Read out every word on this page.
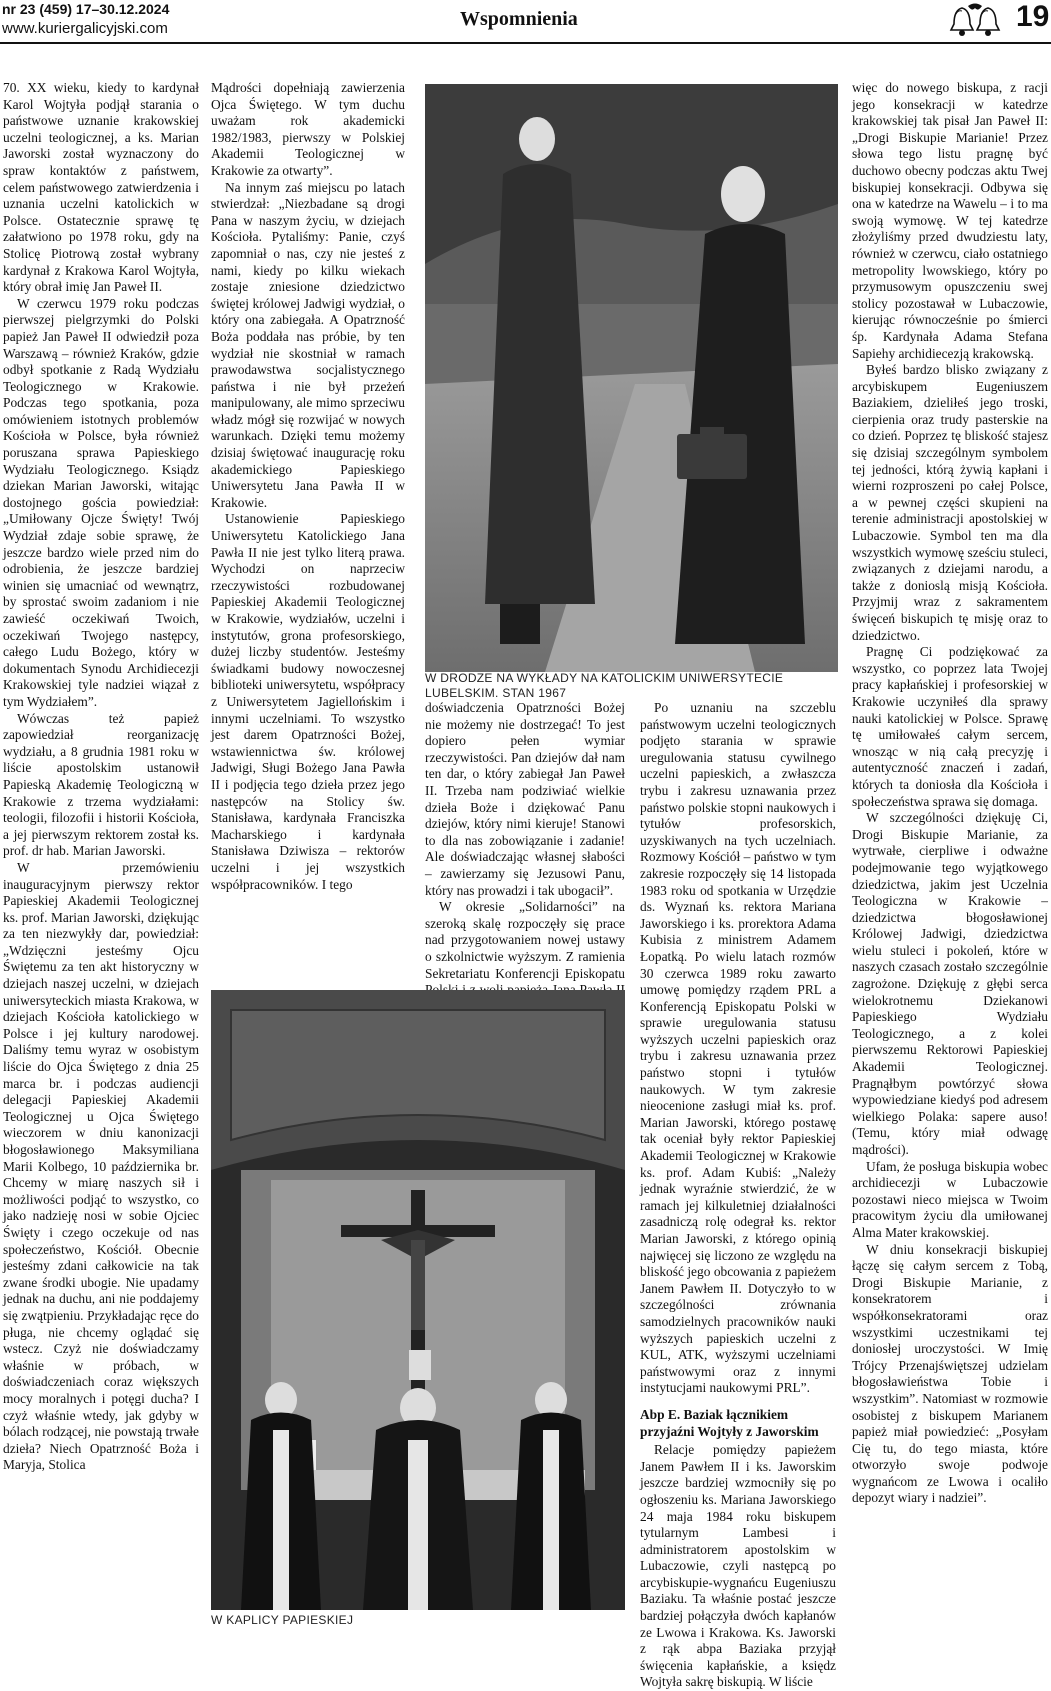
nr 23 (459) 17–30.12.2024
www.kuriergalicyjski.com	Wspomnienia	19

70. XX wieku, kiedy to kardynał Karol Wojtyła podjął starania o państwowe uznanie krakowskiej uczelni teologicznej, a ks. Marian Jaworski został wyznaczony do spraw kontaktów z państwem, celem państwowego zatwierdzenia i uznania uczelni katolickich w Polsce. Ostatecznie sprawę tę załatwiono po 1978 roku, gdy na Stolicę Piotrową został wybrany kardynał z Krakowa Karol Wojtyła, który obrał imię Jan Paweł II.

W czerwcu 1979 roku podczas pierwszej pielgrzymki do Polski papież Jan Paweł II odwiedził poza Warszawą – również Kraków, gdzie odbył spotkanie z Radą Wydziału Teologicznego w Krakowie. Podczas tego spotkania, poza omówieniem istotnych problemów Kościoła w Polsce, była również poruszana sprawa Papieskiego Wydziału Teologicznego. Ksiądz dziekan Marian Jaworski, witając dostojnego gościa powiedział: „Umiłowany Ojcze Święty! Twój Wydział zdaje sobie sprawę, że jeszcze bardzo wiele przed nim do odrobienia, że jeszcze bardziej winien się umacniać od wewnątrz, by sprostać swoim zadaniom i nie zawieść oczekiwań Twoich, oczekiwań Twojego następcy, całego Ludu Bożego, który w dokumentach Synodu Archidiecezji Krakowskiej tyle nadziei wiązał z tym Wydziałem”.

Wówczas też papież zapowiedział reorganizację wydziału, a 8 grudnia 1981 roku w liście apostolskim ustanowił Papieską Akademię Teologiczną w Krakowie z trzema wydziałami: teologii, filozofii i historii Kościoła, a jej pierwszym rektorem został ks. prof. dr hab. Marian Jaworski.

W przemówieniu inauguracyjnym pierwszy rektor Papieskiej Akademii Teologicznej ks. prof. Marian Jaworski, dziękując za ten niezwykły dar, powiedział: „Wdzięczni jesteśmy Ojcu Świętemu za ten akt historyczny w dziejach naszej uczelni, w dziejach uniwersyteckich miasta Krakowa, w dziejach Kościoła katolickiego w Polsce i jej kultury narodowej. Daliśmy temu wyraz w osobistym liście do Ojca Świętego z dnia 25 marca br. i podczas audiencji delegacji Papieskiej Akademii Teologicznej u Ojca Świętego wieczorem w dniu kanonizacji błogosławionego Maksymiliana Marii Kolbego, 10 października br. Chcemy w miarę naszych sił i możliwości podjąć to wszystko, co jako nadzieję nosi w sobie Ojciec Święty i czego oczekuje od nas społeczeństwo, Kościół. Obecnie jesteśmy zdani całkowicie na tak zwane środki ubogie. Nie upadamy jednak na duchu, ani nie poddajemy się zwątpieniu. Przykładając ręce do pługa, nie chcemy oglądać się wstecz. Czyż nie doświadczamy właśnie w próbach, w doświadczeniach coraz większych mocy moralnych i potęgi ducha? I czyż właśnie wtedy, jak gdyby w bólach rodzącej, nie powstają trwałe dzieła? Niech Opatrzność Boża i Maryja, Stolica

Mądrości dopełniają zawierzenia Ojca Świętego. W tym duchu uważam rok akademicki 1982/1983, pierwszy w Polskiej Akademii Teologicznej w Krakowie za otwarty”.

Na innym zaś miejscu po latach stwierdzał: „Niezbadane są drogi Pana w naszym życiu, w dziejach Kościoła. Pytaliśmy: Panie, czyś zapomniał o nas, czy nie jesteś z nami, kiedy po kilku wiekach zostaje zniesione dziedzictwo świętej królowej Jadwigi wydział, o który ona zabiegała. A Opatrzność Boża poddała nas próbie, by ten wydział nie skostniał w ramach prawodawstwa socjalistycznego państwa i nie był przeżeń manipulowany, ale mimo sprzeciwu władz mógł się rozwijać w nowych warunkach. Dzięki temu możemy dzisiaj świętować inaugurację roku akademickiego Papieskiego Uniwersytetu Jana Pawła II w Krakowie.

Ustanowienie Papieskiego Uniwersytetu Katolickiego Jana Pawła II nie jest tylko literą prawa. Wychodzi on naprzeciw rzeczywistości rozbudowanej Papieskiej Akademii Teologicznej w Krakowie, wydziałów, uczelni i instytutów, grona profesorskiego, dużej liczby studentów. Jesteśmy świadkami budowy nowoczesnej biblioteki uniwersytetu, współpracy z Uniwersytetem Jagiellońskim i innymi uczelniami. To wszystko jest darem Opatrzności Bożej, wstawiennictwa św. królowej Jadwigi, Sługi Bożego Jana Pawła II i podjęcia tego dzieła przez jego następców na Stolicy św. Stanisława, kardynała Franciszka Macharskiego i kardynała Stanisława Dziwisza – rektorów uczelni i jej wszystkich współpracowników. I tego

W DRODZE NA WYKŁADY NA KATOLICKIM UNIWERSYTECIE LUBELSKIM. STAN 1967

doświadczenia Opatrzności Bożej nie możemy nie dostrzegać! To jest dopiero pełen wymiar rzeczywistości. Pan dziejów dał nam ten dar, o który zabiegał Jan Paweł II. Trzeba nam podziwiać wielkie dzieła Boże i dziękować Panu dziejów, który nimi kieruje! Stanowi to dla nas zobowiązanie i zadanie! Ale doświadczając własnej słabości – zawierzamy się Jezusowi Panu, który nas prowadzi i tak ubogacił”.

W okresie „Solidarności” na szeroką skalę rozpoczęły się prace nad przygotowaniem nowej ustawy o szkolnictwie wyższym. Z ramienia Sekretariatu Konferencji Episkopatu

Po uznaniu na szczeblu państwowym uczelni teologicznych podjęto starania w sprawie uregulowania statusu cywilnego uczelni papieskich, a zwłaszcza trybu i zakresu uznawania przez państwo polskie stopni naukowych i tytułów profesorskich, uzyskiwanych na tych uczelniach. Rozmowy Kościół – państwo w tym zakresie rozpoczęły się 14 listopada 1983 roku od spotkania w Urzędzie ds. Wyznań ks. rektora Mariana Jaworskiego i ks. prorektora Adama Kubisia z ministrem Adamem Łopatką. Po wielu latach rozmów 30 czerwca 1989 roku zawarto umowę pomiędzy rządem PRL a Konferencją Episkopatu Polski w sprawie uregulowania statusu wyższych uczelni papieskich oraz trybu i zakresu uznawania przez państwo stopni i tytułów naukowych. W tym zakresie nieocenione zasługi miał ks. prof. Marian Jaworski, którego postawę tak oceniał były rektor Papieskiej Akademii Teologicznej w Krakowie ks. prof. Adam Kubiś: „Należy jednak wyraźnie stwierdzić, że w ramach jej kilkuletniej działalności zasadniczą rolę odegrał ks. rektor Marian Jaworski, z którego opinią najwięcej się liczono ze względu na bliskość jego obcowania z papieżem Janem Pawłem II. Dotyczyło to w szczególności zrównania samodzielnych pracowników nauki wyższych papieskich uczelni z KUL, ATK, wyższymi uczelniami państwowymi oraz z innymi instytucjami naukowymi PRL”.

Abp E. Baziak łącznikiem przyjaźni Wojtyły z Jaworskim

Relacje pomiędzy papieżem Janem Pawłem II i ks. Jaworskim jeszcze bardziej wzmocniły się po ogłoszeniu ks. Mariana Jaworskiego 24 maja 1984 roku biskupem tytularnym Lambesi i administratorem apostolskim w Lubaczowie, czyli następcą po arcybiskupie-wygnańcu Eugeniuszu Baziaku. Ta właśnie postać jeszcze bardziej połączyła dwóch kapłanów ze Lwowa i Krakowa. Ks. Jaworski z rąk abpa Baziaka przyjął święcenia kapłańskie, a księdz Wojtyła sakrę biskupią. W liście

W KAPLICY PAPIESKIEJ

więc do nowego biskupa, z racji jego konsekracji w katedrze krakowskiej tak pisał Jan Paweł II: „Drogi Biskupie Marianie! Przez słowa tego listu pragnę być duchowo obecny podczas aktu Twej biskupiej konsekracji. Odbywa się ona w katedrze na Wawelu – i to ma swoją wymowę. W tej katedrze złożyliśmy przed dwudziestu laty, również w czerwcu, ciało ostatniego metropolity lwowskiego, który po przymusowym opuszczeniu swej stolicy pozostawał w Lubaczowie, kierując równocześnie po śmierci śp. Kardynała Adama Stefana Sapiehy archidiecezją krakowską.

Byłeś bardzo blisko związany z arcybiskupem Eugeniuszem Baziakiem, dzieliłeś jego troski, cierpienia oraz trudy pasterskie na co dzień. Poprzez tę bliskość stajesz się dzisiaj szczególnym symbolem tej jedności, którą żywią kapłani i wierni rozproszeni po całej Polsce, a w pewnej części skupieni na terenie administracji apostolskiej w Lubaczowie. Symbol ten ma dla wszystkich wymowę sześciu stuleci, związanych z dziejami narodu, a także z donioslą misją Kościoła. Przyjmij wraz z sakramentem święceń biskupich tę misję oraz to dziedzictwo.

Pragnę Ci podziękować za wszystko, co poprzez lata Twojej pracy kapłańskiej i profesorskiej w Krakowie uczyniłeś dla sprawy nauki katolickiej w Polsce. Sprawę tę umiłowałeś całym sercem, wnosząc w nią całą precyzję i autentyczność znaczeń i zadań, których ta doniosła dla Kościoła i społeczeństwa sprawa się domaga.

W szczególności dziękuję Ci, Drogi Biskupie Marianie, za wytrwałe, cierpliwe i odważne podejmowanie tego wyjątkowego dziedzictwa, jakim jest Uczelnia Teologiczna w Krakowie – dziedzictwa błogosławionej Królowej Jadwigi, dziedzictwa wielu stuleci i pokoleń, które w naszych czasach zostało szczególnie zagrożone. Dziękuję z głębi serca wielokrotnemu Dziekanowi Papieskiego Wydziału Teologicznego, a z kolei pierwszemu Rektorowi Papieskiej Akademii Teologicznej. Pragnąłbym powtórzyć słowa wypowiedziane kiedyś pod adresem wielkiego Polaka: sapere auso! (Temu, który miał odwagę mądrości).

Ufam, że posługa biskupia wobec archidiecezji w Lubaczowie pozostawi nieco miejsca w Twoim pracowitym życiu dla umiłowanej Alma Mater krakowskiej.

W dniu konsekracji biskupiej łączę się całym sercem z Tobą, Drogi Biskupie Marianie, z konsekratorem i współkonsekratorami oraz wszystkimi uczestnikami tej doniosłej uroczystości. W Imię Trójcy Przenajświętszej udzielam błogosławieństwa Tobie i wszystkim”. Natomiast w rozmowie osobistej z biskupem Marianem papież miał powiedzieć: „Posyłam Cię tu, do tego miasta, które otworzyło swoje podwoje wygnańcom ze Lwowa i ocaliło depozyt wiary i nadziei”.
